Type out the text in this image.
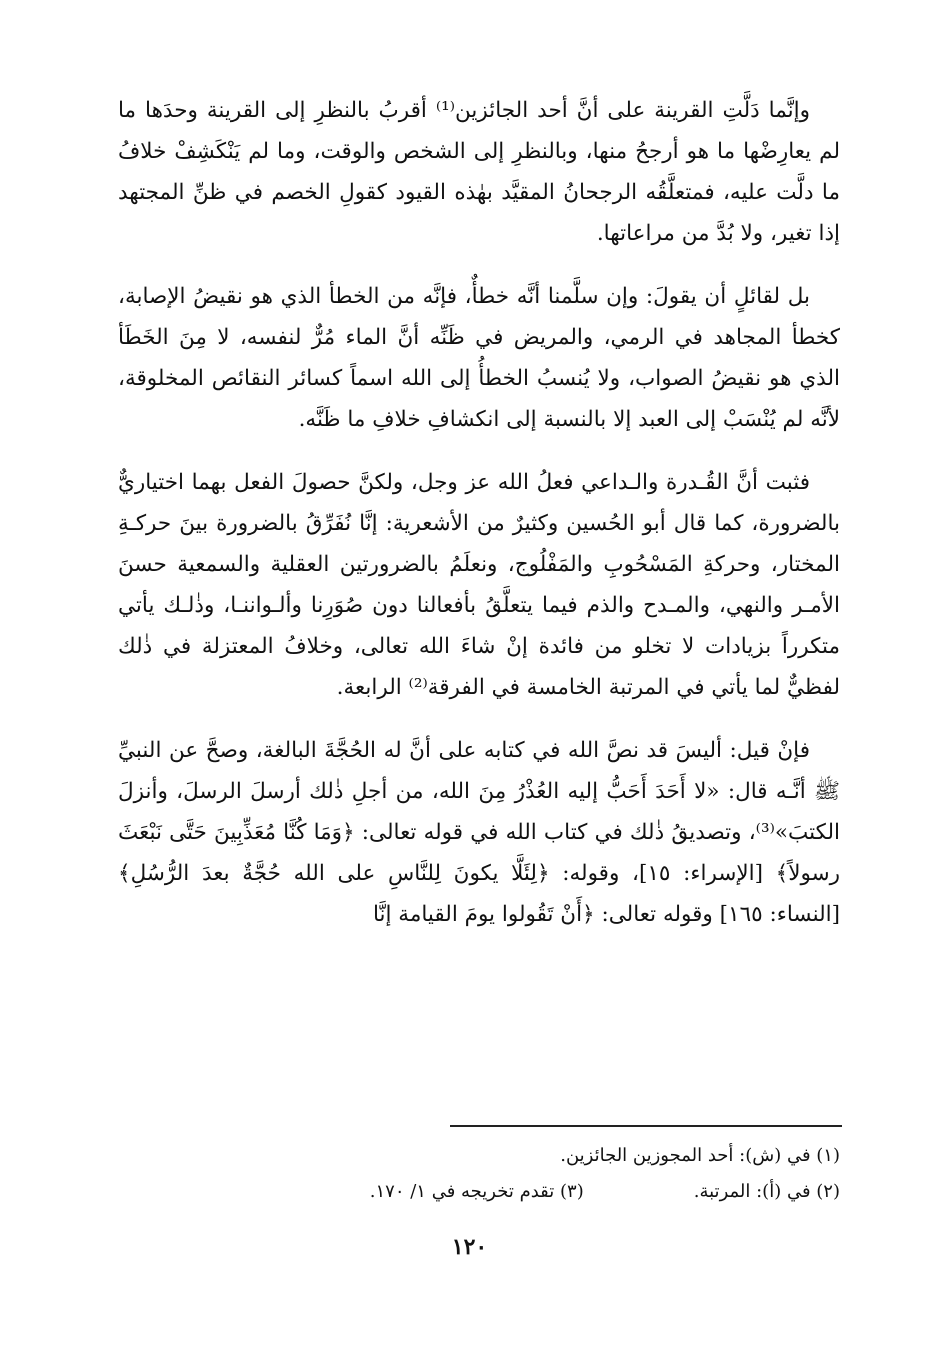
وإنَّما دَلَّتِ القرينة على أنَّ أحد الجائزين⁽¹⁾ أقربُ بالنظرِ إلى القرينة وحدَها ما لم يعارِضْها ما هو أرجحُ منها، وبالنظرِ إلى الشخص والوقت، وما لم يَنْكَشِفْ خلافُ ما دلَّت عليه، فمتعلَّقُه الرجحانُ المقيَّد بهٰذه القيود كقولِ الخصم في ظنِّ المجتهد إذا تغير، ولا بُدَّ من مراعاتها.

بل لقائلٍ أن يقولَ: وإن سلَّمنا أنَّه خطأٌ، فإنَّه من الخطأ الذي هو نقيضُ الإصابة، كخطأ المجاهد في الرمي، والمريض في ظَنِّه أنَّ الماء مُرٌّ لنفسه، لا مِنَ الخَطَأ الذي هو نقيضُ الصواب، ولا يُنسبُ الخطأُ إلى الله اسماً كسائر النقائص المخلوقة، لأنَّه لم يُنْسَبْ إلى العبد إلا بالنسبة إلى انكشافِ خلافِ ما ظَنَّه.

فثبت أنَّ القُـدرة والـداعي فعلُ الله عز وجل، ولكنَّ حصولَ الفعل بهما اختياريٌّ بالضرورة، كما قال أبو الحُسين وكثيرٌ من الأشعرية: إنَّا نُفَرِّقُ بالضرورة بينَ حركـةِ المختار، وحركةِ المَسْحُوبِ والمَفْلُوج، ونعلَمُ بالضرورتين العقلية والسمعية حسنَ الأمـر والنهي، والمـدح والذم فيما يتعلَّقُ بأفعالنا دون صُوَرِنا وألـواننـا، وذٰلـك يأتي متكرراً بزيادات لا تخلو من فائدة إنْ شاءَ الله تعالى، وخلافُ المعتزلة في ذٰلك لفظيٌّ لما يأتي في المرتبة الخامسة في الفرقة⁽²⁾ الرابعة.

فإنْ قيل: أليسَ قد نصَّ الله في كتابه على أنَّ له الحُجَّةَ البالغة، وصحَّ عن النبيِّ ﷺ أنَّـه قال: «لا أَحَدَ أَحَبُّ إليه العُذْرُ مِنَ الله، من أجلِ ذٰلك أرسلَ الرسلَ، وأنزلَ الكتبَ»⁽³⁾، وتصديقُ ذٰلك في كتاب الله في قوله تعالى: ﴿وَمَا كُنَّا مُعَذِّبِينَ حَتَّى نَبْعَثَ رسولاً﴾ [الإسراء: ١٥]، وقوله: ﴿لِئَلَّا يكونَ لِلنَّاسِ على الله حُجَّةٌ بعدَ الرُّسُلِ﴾ [النساء: ١٦٥] وقوله تعالى: ﴿أَنْ تَقُولوا يومَ القيامة إنَّا

(١) في (ش): أحد المجوزين الجائزين.
(٢) في (أ): المرتبة.
(٣) تقدم تخريجه في ١/ ١٧٠.
١٢٠
